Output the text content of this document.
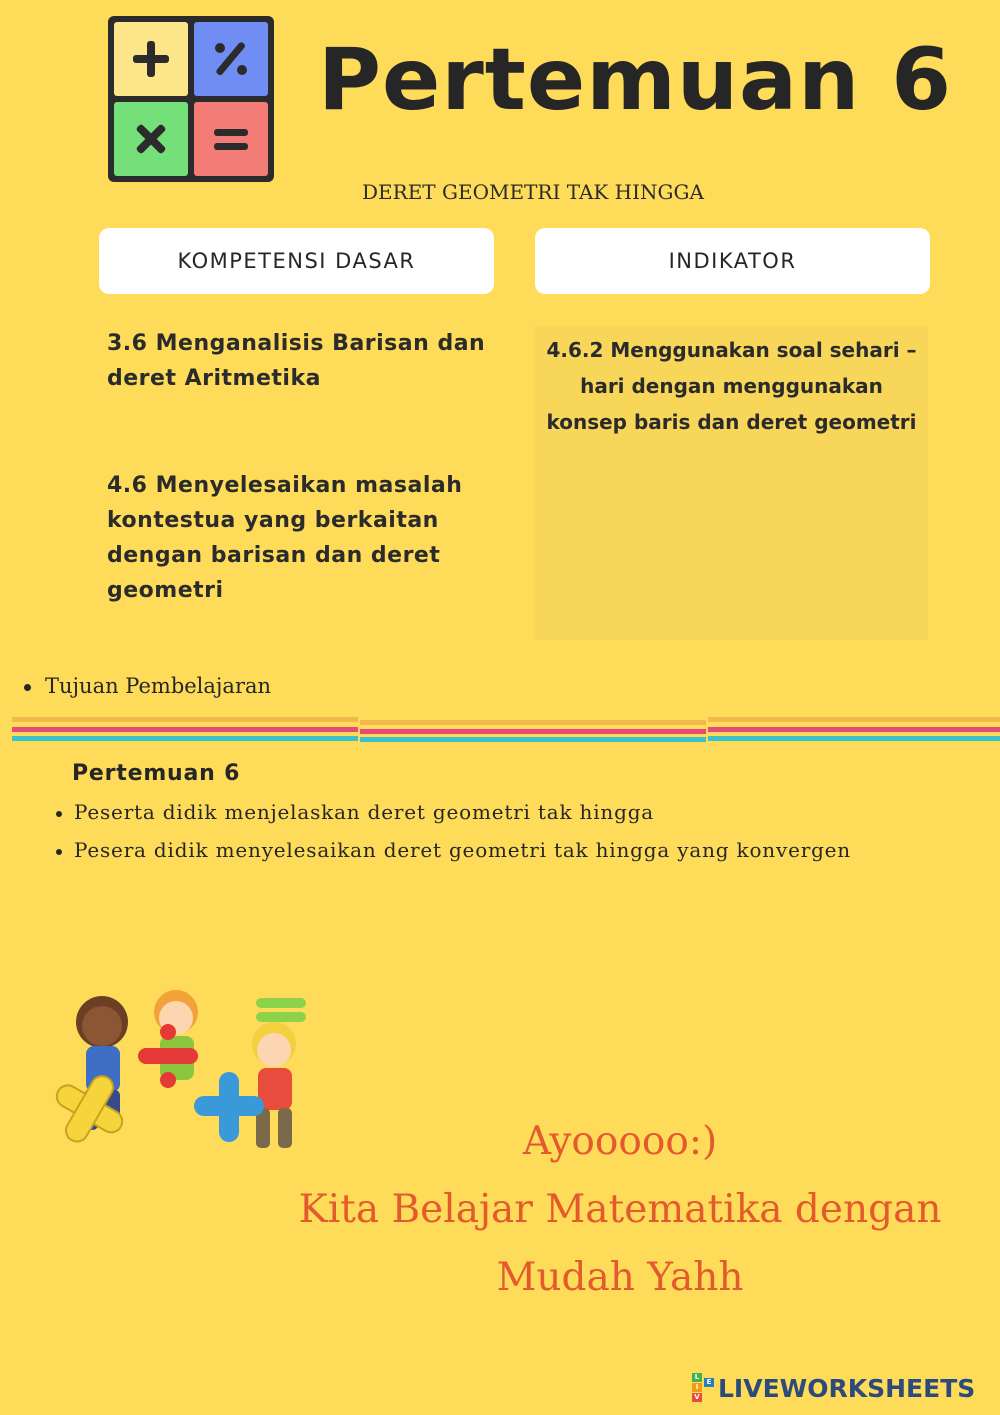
Pertemuan 6
DERET GEOMETRI TAK HINGGA
KOMPETENSI DASAR	INDIKATOR
3.6 Menganalisis Barisan dan deret Aritmetika
4.6 Menyelesaikan masalah kontestua yang berkaitan dengan barisan dan deret geometri
4.6.2 Menggunakan soal sehari – hari dengan menggunakan konsep baris dan deret geometri
Tujuan Pembelajaran
Pertemuan 6
Peserta didik menjelaskan deret geometri tak hingga
Pesera didik menyelesaikan deret geometri tak hingga yang konvergen
Ayooooo:)
Kita Belajar Matematika dengan
Mudah Yahh
L
I
V
E LIVEWORKSHEETS
